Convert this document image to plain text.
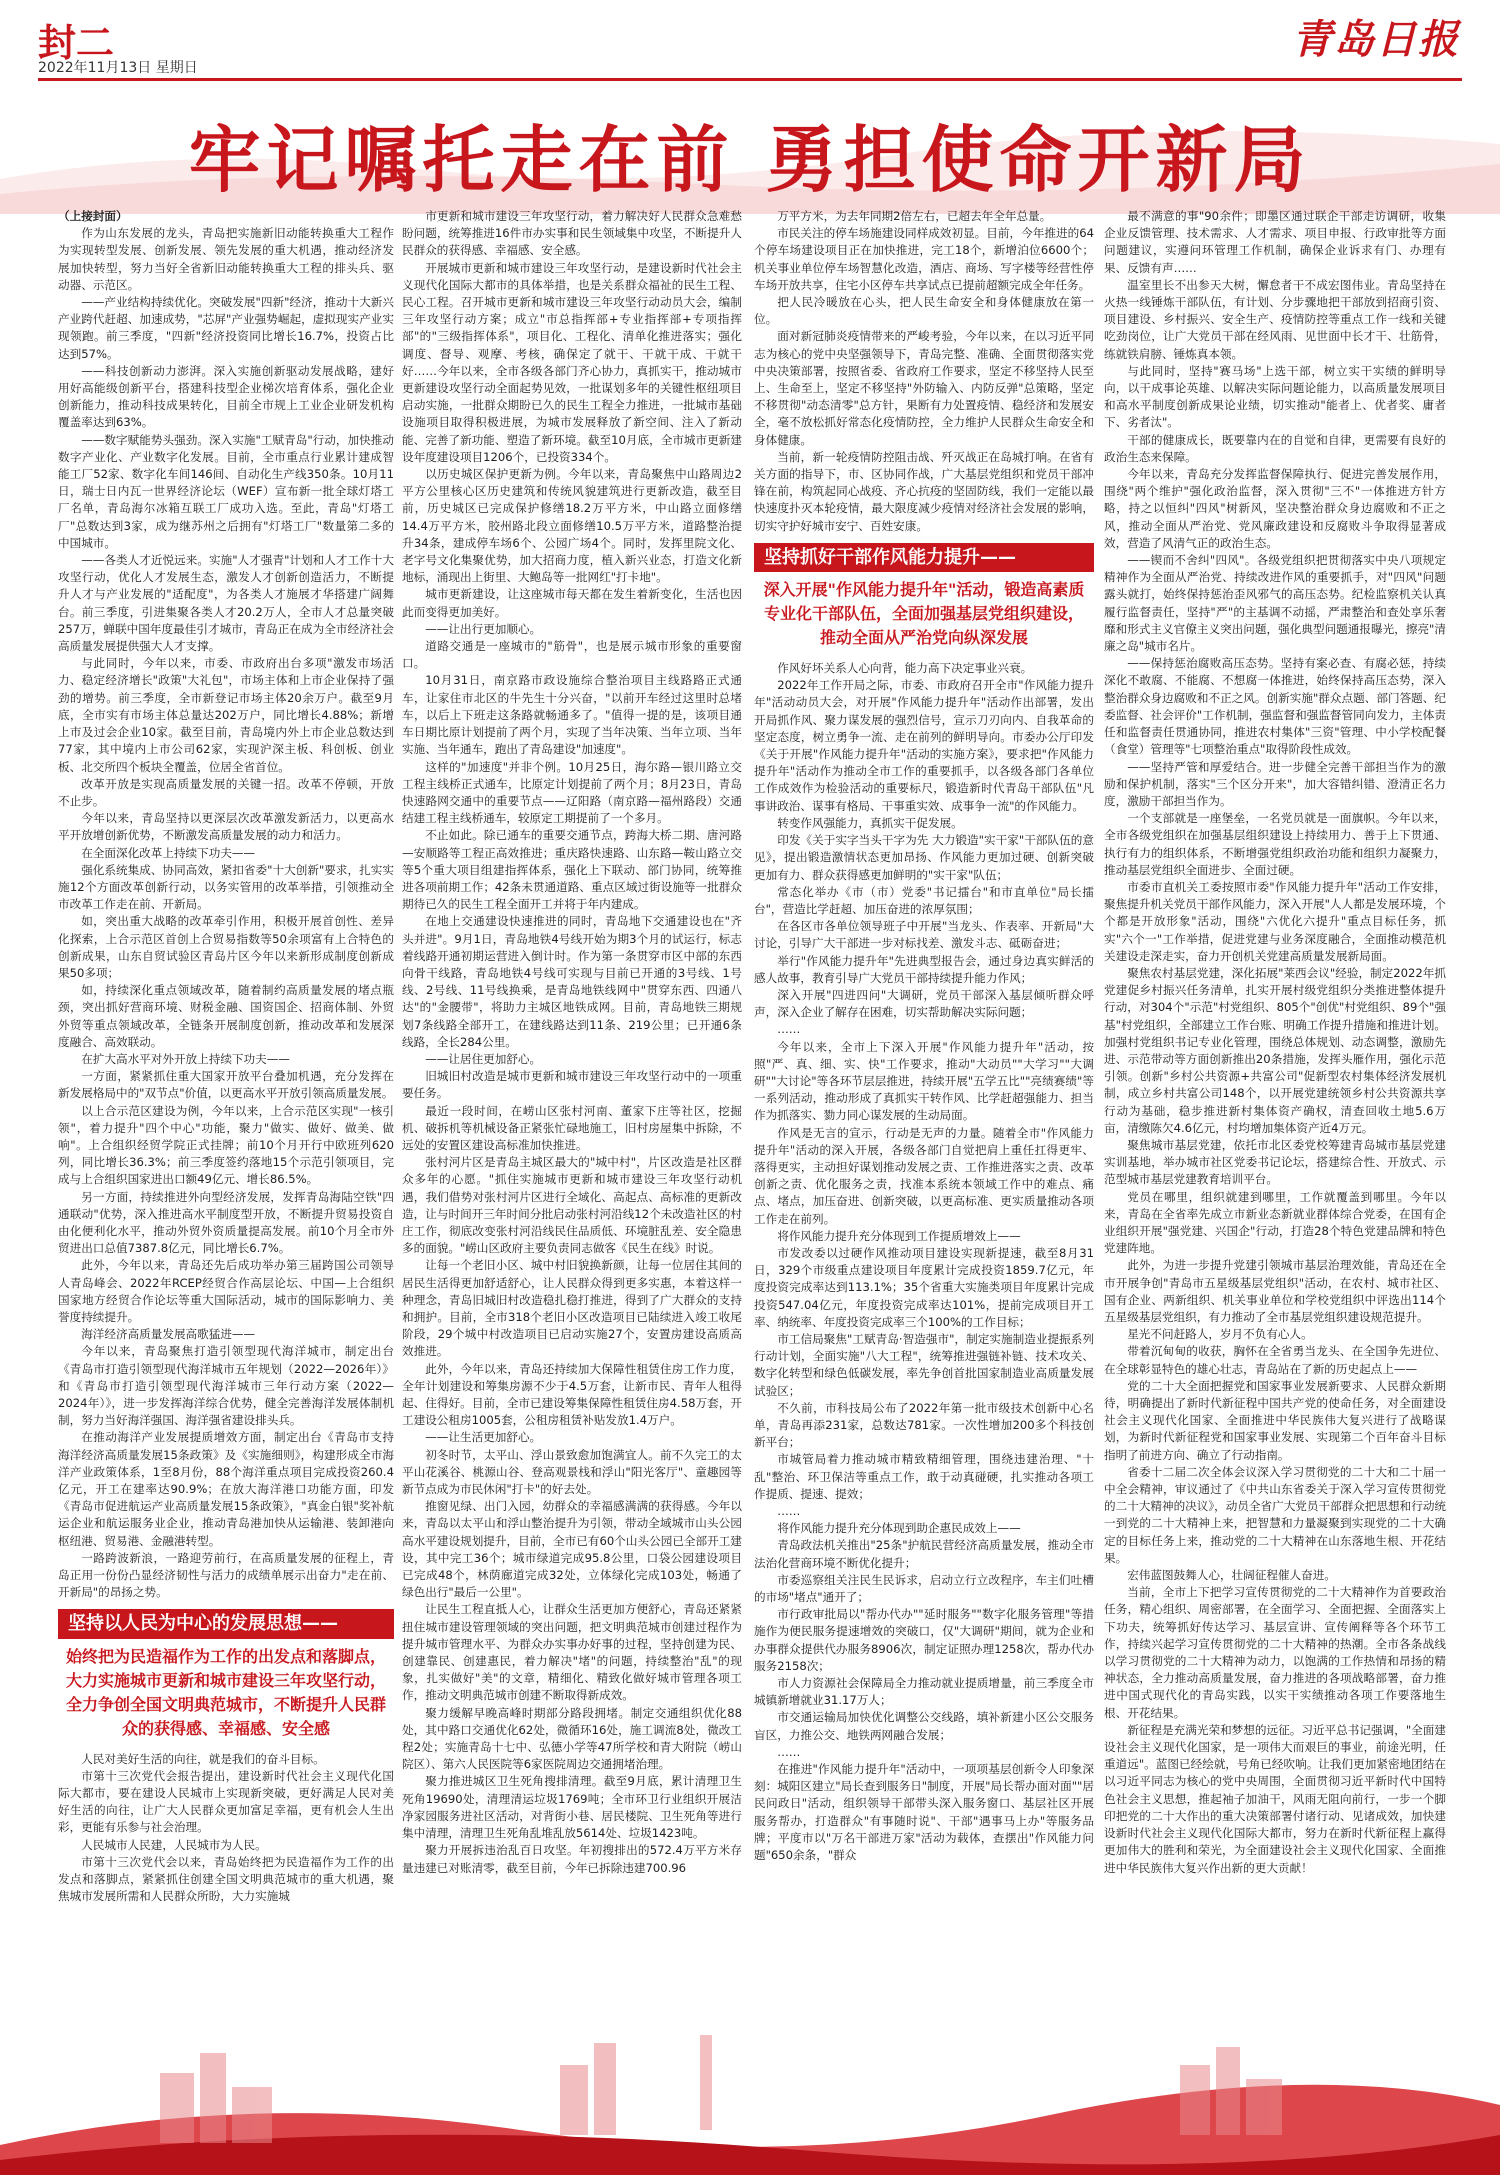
封二
2022年11月13日 星期日
青岛日报
牢记嘱托走在前 勇担使命开新局

（上接封面）

作为山东发展的龙头，青岛把实施新旧动能转换重大工程作为实现转型发展、创新发展、领先发展的重大机遇，推动经济发展加快转型，努力当好全省新旧动能转换重大工程的排头兵、驱动器、示范区。

——产业结构持续优化。突破发展"四新"经济，推动十大新兴产业跨代赶超、加速成势，"芯屏"产业强势崛起，虚拟现实产业实现领跑。前三季度，"四新"经济投资同比增长16.7%，投资占比达到57%。

——科技创新动力澎湃。深入实施创新驱动发展战略，建好用好高能级创新平台，搭建科技型企业梯次培育体系，强化企业创新能力，推动科技成果转化，目前全市规上工业企业研发机构覆盖率达到63%。

——数字赋能势头强劲。深入实施"工赋青岛"行动，加快推动数字产业化、产业数字化发展。目前，全市重点行业累计建成智能工厂52家、数字化车间146间、自动化生产线350条。10月11日，瑞士日内瓦一世界经济论坛（WEF）宣布新一批全球灯塔工厂名单，青岛海尔冰箱互联工厂成功入选。至此，青岛"灯塔工厂"总数达到3家，成为继苏州之后拥有"灯塔工厂"数量第二多的中国城市。

——各类人才近悦远来。实施"人才强青"计划和人才工作十大攻坚行动，优化人才发展生态，激发人才创新创造活力，不断提升人才与产业发展的"适配度"，为各类人才施展才华搭建广阔舞台。前三季度，引进集聚各类人才20.2万人，全市人才总量突破257万，蝉联中国年度最佳引才城市，青岛正在成为全市经济社会高质量发展提供强大人才支撑。

与此同时，今年以来，市委、市政府出台多项"激发市场活力、稳定经济增长"政策"大礼包"，市场主体和上市企业保持了强劲的增势。前三季度，全市新登记市场主体20余万户。截至9月底，全市实有市场主体总量达202万户，同比增长4.88%；新增上市及过会企业10家。截至目前，青岛境内外上市企业总数达到77家，其中境内上市公司62家，实现沪深主板、科创板、创业板、北交所四个板块全覆盖，位居全省首位。

改革开放是实现高质量发展的关键一招。改革不停顿，开放不止步。

今年以来，青岛坚持以更深层次改革激发新活力，以更高水平开放增创新优势，不断激发高质量发展的动力和活力。

在全面深化改革上持续下功夫——

强化系统集成、协同高效，紧扣省委"十大创新"要求，扎实实施12个方面改革创新行动，以务实管用的改革举措，引领推动全市改革工作走在前、开新局。

如，突出重大战略的改革牵引作用，积极开展首创性、差异化探索，上合示范区首创上合贸易指数等50余项富有上合特色的创新成果，山东自贸试验区青岛片区今年以来新形成制度创新成果50多项；

如，持续深化重点领域改革，随着制约高质量发展的堵点瓶颈，突出抓好营商环境、财税金融、国资国企、招商体制、外贸外贸等重点领域改革，全链条开展制度创新，推动改革和发展深度融合、高效联动。

在扩大高水平对外开放上持续下功夫——

一方面，紧紧抓住重大国家开放平台叠加机遇，充分发挥在新发展格局中的"双节点"价值，以更高水平开放引领高质量发展。

以上合示范区建设为例，今年以来，上合示范区实现"一核引领"，着力提升"四个中心"功能，聚力"做实、做好、做美、做响"。上合组织经贸学院正式挂牌；前10个月开行中欧班列620列，同比增长36.3%；前三季度签约落地15个示范引领项目，完成与上合组织国家进出口额49亿元、增长86.5%。

另一方面，持续推进外向型经济发展，发挥青岛海陆空铁"四通联动"优势，深入推进高水平制度型开放，不断提升贸易投资自由化便利化水平，推动外贸外资质量提高发展。前10个月全市外贸进出口总值7387.8亿元，同比增长6.7%。

此外，今年以来，青岛还先后成功举办第三届跨国公司领导人青岛峰会、2022年RCEP经贸合作高层论坛、中国—上合组织国家地方经贸合作论坛等重大国际活动，城市的国际影响力、美誉度持续提升。

海洋经济高质量发展高歌猛进——

今年以来，青岛聚焦打造引领型现代海洋城市，制定出台《青岛市打造引领型现代海洋城市五年规划（2022—2026年）》和《青岛市打造引领型现代海洋城市三年行动方案（2022—2024年）》，进一步发挥海洋综合优势，健全完善海洋发展体制机制，努力当好海洋强国、海洋强省建设排头兵。

在推动海洋产业发展提质增效方面，制定出台《青岛市支持海洋经济高质量发展15条政策》及《实施细则》，构建形成全市海洋产业政策体系，1至8月份，88个海洋重点项目完成投资260.4亿元，开工在建率达90.9%；在放大海洋港口功能方面，印发《青岛市促进航运产业高质量发展15条政策》，"真金白银"奖补航运企业和航运服务业企业，推动青岛港加快从运输港、装卸港向枢纽港、贸易港、金融港转型。

一路跨波新浪，一路迎劳前行，在高质量发展的征程上，青岛正用一份份凸显经济韧性与活力的成绩单展示出奋力"走在前、开新局"的昂扬之势。

坚持以人民为中心的发展思想——
始终把为民造福作为工作的出发点和落脚点，大力实施城市更新和城市建设三年攻坚行动，全力争创全国文明典范城市，不断提升人民群众的获得感、幸福感、安全感

人民对美好生活的向往，就是我们的奋斗目标。

市第十三次党代会报告提出，建设新时代社会主义现代化国际大都市，要在建设人民城市上实现新突破，更好满足人民对美好生活的向往，让广大人民群众更加富足幸福，更有机会人生出彩，更能有乐参与社会治理。

人民城市人民建，人民城市为人民。

市第十三次党代会以来，青岛始终把为民造福作为工作的出发点和落脚点，紧紧抓住创建全国文明典范城市的重大机遇，聚焦城市发展所需和人民群众所盼，大力实施城

市更新和城市建设三年攻坚行动，着力解决好人民群众急难愁盼问题，统筹推进16件市办实事和民生领域集中攻坚，不断提升人民群众的获得感、幸福感、安全感。

开展城市更新和城市建设三年攻坚行动，是建设新时代社会主义现代化国际大都市的具体举措，也是关系群众福祉的民生工程、民心工程。召开城市更新和城市建设三年攻坚行动动员大会，编制三年攻坚行动方案；成立"市总指挥部+专业指挥部+专项指挥部"的"三级指挥体系"，项目化、工程化、清单化推进落实；强化调度、督导、观摩、考核，确保定了就干、干就干成、干就干好……今年以来，全市各级各部门齐心协力，真抓实干，推动城市更新建设攻坚行动全面起势见效，一批谋划多年的关键性枢纽项目启动实施，一批群众期盼已久的民生工程全力推进，一批城市基础设施项目取得积极进展，为城市发展释放了新空间、注入了新动能、完善了新功能、塑造了新环境。截至10月底，全市城市更新建设年度建设项目1206个，已投资334个。

以历史城区保护更新为例。今年以来，青岛聚焦中山路周边2平方公里核心区历史建筑和传统风貌建筑进行更新改造，截至目前，历史城区已完成保护修缮18.2万平方米，中山路立面修缮14.4万平方米，胶州路北段立面修缮10.5万平方米，道路整治提升34条，建成停车场6个、公园广场4个。同时，发挥里院文化、老字号文化集聚优势，加大招商力度，植入新兴业态，打造文化新地标，涌现出上街里、大鲍岛等一批网红"打卡地"。

城市更新建设，让这座城市每天都在发生着新变化，生活也因此而变得更加美好。

——让出行更加顺心。

道路交通是一座城市的"筋骨"，也是展示城市形象的重要窗口。

10月31日，南京路市政设施综合整治项目主线路路正式通车，让家住市北区的牛先生十分兴奋，"以前开车经过这里时总堵车，以后上下班走这条路就畅通多了。"值得一提的是，该项目通车日期比原计划提前了两个月，实现了当年决策、当年立项、当年实施、当年通车，跑出了青岛建设"加速度"。

这样的"加速度"并非个例。10月25日，海尔路—银川路立交工程主线桥正式通车，比原定计划提前了两个月；8月23日，青岛快速路网交通中的重要节点——辽阳路（南京路—福州路段）交通结建工程主线桥通车，较原定工期提前了一个多月。

不止如此。除已通车的重要交通节点，跨海大桥二期、唐河路—安顺路等工程正高效推进；重庆路快速路、山东路—鞍山路立交等5个重大项目组建指挥体系，强化上下联动、部门协同，统筹推进各项前期工作；42条未贯通道路、重点区域过街设施等一批群众期待已久的民生工程全面开工并将于年内建成。

在地上交通建设快速推进的同时，青岛地下交通建设也在"齐头并进"。9月1日，青岛地铁4号线开始为期3个月的试运行，标志着线路开通初期运营进入倒计时。作为第一条贯穿市区中部的东西向骨干线路，青岛地铁4号线可实现与目前已开通的3号线、1号线、2号线、11号线换乘，是青岛地铁线网中"贯穿东西、四通八达"的"金腰带"，将助力主城区地铁成网。目前，青岛地铁三期规划7条线路全部开工，在建线路达到11条、219公里；已开通6条线路，全长284公里。

——让居住更加舒心。

旧城旧村改造是城市更新和城市建设三年攻坚行动中的一项重要任务。

最近一段时间，在崂山区张村河南、董家下庄等社区，挖掘机、破拆机等机械设备正紧张忙碌地施工，旧村房屋集中拆除，不远处的安置区建设高标准加快推进。

张村河片区是青岛主城区最大的"城中村"，片区改造是社区群众多年的心愿。"抓住实施城市更新和城市建设三年攻坚行动机遇，我们借势对张村河片区进行全域化、高起点、高标准的更新改造，让与时间开三年时间分批启动张村河沿线12个未改造社区的村庄工作，彻底改变张村河沿线民住品质低、环境脏乱差、安全隐患多的面貌。"崂山区政府主要负责同志做客《民生在线》时说。

让每一个老旧小区、城中村旧貌换新颜，让每一位居住其间的居民生活得更加舒适舒心，让人民群众得到更多实惠，本着这样一种理念，青岛旧城旧村改造稳扎稳打推进，得到了广大群众的支持和拥护。目前，全市318个老旧小区改造项目已陆续进入竣工收尾阶段，29个城中村改造项目已启动实施27个，安置房建设高质高效推进。

此外，今年以来，青岛还持续加大保障性租赁住房工作力度，全年计划建设和筹集房源不少于4.5万套，让新市民、青年人租得起、住得好。目前，全市已建设筹集保障性租赁住房4.58万套，开工建设公租房1005套，公租房租赁补贴发放1.4万户。

——让生活更加舒心。

初冬时节，太平山、浮山景致愈加饱满宜人。前不久完工的太平山花溪谷、桃源山谷、登高观景栈和浮山"阳光客厅"、童趣园等新节点成为市民休闲"打卡"的好去处。

推窗见绿、出门入园，幼群众的幸福感满满的获得感。今年以来，青岛以太平山和浮山整治提升为引领，带动全域城市山头公园高水平建设规划提升，目前，全市已有60个山头公园已全部开工建设，其中完工36个；城市绿道完成95.8公里，口袋公园建设项目已完成48个，林荫廊道完成32处，立体绿化完成103处，畅通了绿色出行"最后一公里"。

让民生工程直抵人心，让群众生活更加方便舒心，青岛还紧紧扭住城市建设管理领域的突出问题，把文明典范城市创建过程作为提升城市管理水平、为群众办实事办好事的过程，坚持创建为民、创建靠民、创建惠民，着力解决"堵"的问题，持续整治"乱"的现象，扎实做好"美"的文章，精细化、精致化做好城市管理各项工作，推动文明典范城市创建不断取得新成效。

聚力缓解早晚高峰时期部分路段拥堵。制定交通组织优化88处，其中路口交通优化62处，微循环16处，施工调流8处，微改工程2处；实施青岛十七中、弘德小学等47所学校和青大附院（崂山院区）、第六人民医院等6家医院周边交通拥堵治理。

聚力推进城区卫生死角搜排清理。截至9月底，累计清理卫生死角19690处，清理清运垃圾1769吨；全市环卫行业组织开展洁净家园服务进社区活动，对背街小巷、居民楼院、卫生死角等进行集中清理，清理卫生死角乱堆乱放5614处、垃圾1423吨。

聚力开展拆违治乱百日攻坚。年初搜排出的572.4万平方米存量违建已对账清零，截至目前，今年已拆除违建700.96

万平方米，为去年同期2倍左右，已超去年全年总量。

市民关注的停车场施建设同样成效初显。目前，今年推进的64个停车场建设项目正在加快推进，完工18个，新增泊位6600个；机关事业单位停车场智慧化改造，酒店、商场、写字楼等经营性停车场开放共享，住宅小区停车共享试点已提前超额完成全年任务。

把人民冷暖放在心头，把人民生命安全和身体健康放在第一位。

面对新冠肺炎疫情带来的严峻考验，今年以来，在以习近平同志为核心的党中央坚强领导下，青岛完整、准确、全面贯彻落实党中央决策部署，按照省委、省政府工作要求，坚定不移坚持人民至上、生命至上，坚定不移坚持"外防输入、内防反弹"总策略，坚定不移贯彻"动态清零"总方针，果断有力处置疫情、稳经济和发展安全，毫不放松抓好常态化疫情防控，全力维护人民群众生命安全和身体健康。

当前，新一轮疫情防控阻击战、歼灭战正在岛城打响。在省有关方面的指导下，市、区协同作战，广大基层党组织和党员干部冲锋在前，构筑起同心战疫、齐心抗疫的坚固防线，我们一定能以最快速度扑灭本轮疫情，最大限度减少疫情对经济社会发展的影响，切实守护好城市安宁、百姓安康。

坚持抓好干部作风能力提升——
深入开展"作风能力提升年"活动，锻造高素质专业化干部队伍，全面加强基层党组织建设，推动全面从严治党向纵深发展

作风好坏关系人心向背，能力高下决定事业兴衰。

2022年工作开局之际，市委、市政府召开全市"作风能力提升年"活动动员大会，对开展"作风能力提升年"活动作出部署，发出开局抓作风、聚力谋发展的强烈信号，宣示刀刃向内、自我革命的坚定态度，树立勇争一流、走在前列的鲜明导向。市委办公厅印发《关于开展"作风能力提升年"活动的实施方案》，要求把"作风能力提升年"活动作为推动全市工作的重要抓手，以各级各部门各单位工作成效作为检验活动的重要标尺，锻造新时代青岛干部队伍"凡事讲政治、谋事有格局、干事重实效、成事争一流"的作风能力。

转变作风强能力，真抓实干促发展。

印发《关于实字当头干字为先 大力锻造"实干家"干部队伍的意见》，提出锻造激情状态更加昂扬、作风能力更加过硬、创新突破更加有力、群众获得感更加鲜明的"实干家"队伍；

常态化举办《市（市）党委"书记擂台"和市直单位"局长擂台"，营造比学赶超、加压奋进的浓厚氛围；

在各区市各单位领导班子中开展"当龙头、作表率、开新局"大讨论，引导广大干部进一步对标找差、激发斗志、砥砺奋进；

举行"作风能力提升年"先进典型报告会，通过身边真实鲜活的感人故事，教育引导广大党员干部持续提升能力作风；

深入开展"四进四问"大调研，党员干部深入基层倾听群众呼声，深入企业了解存在困难，切实帮助解决实际问题；

……

今年以来，全市上下深入开展"作风能力提升年"活动，按照"严、真、细、实、快"工作要求，推动"大动员""大学习""大调研""大讨论"等各环节层层推进，持续开展"五学五比""亮绩赛绩"等一系列活动，推动形成了真抓实干转作风、比学赶超强能力、担当作为抓落实、勠力同心谋发展的生动局面。

作风是无言的宣示，行动是无声的力量。随着全市"作风能力提升年"活动的深入开展，各级各部门自觉把肩上重任扛得更牢、落得更实，主动担好谋划推动发展之责、工作推进落实之责、改革创新之责、优化服务之责，找准本系统本领域工作中的难点、痛点、堵点，加压奋进、创新突破，以更高标准、更实质量推动各项工作走在前列。

将作风能力提升充分体现到工作提质增效上——

市发改委以过硬作风推动项目建设实现新提速，截至8月31日，329个市级重点建设项目年度累计完成投资1859.7亿元，年度投资完成率达到113.1%；35个省重大实施类项目年度累计完成投资547.04亿元，年度投资完成率达101%，提前完成项目开工率、纳统率、年度投资完成率三个100%的工作目标；

市工信局聚焦"工赋青岛·智造强市"，制定实施制造业提振系列行动计划，全面实施"八大工程"，统筹推进强链补链、技术攻关、数字化转型和绿色低碳发展，率先争创首批国家制造业高质量发展试验区；

不久前，市科技局公布了2022年第一批市级技术创新中心名单，青岛再添231家，总数达781家。一次性增加200多个科技创新平台；

市城管局着力推动城市精致精细管理，围绕违建治理、"十乱"整治、环卫保洁等重点工作，敢于动真碰硬，扎实推动各项工作提质、提速、提效；

……

将作风能力提升充分体现到助企惠民成效上——

青岛政法机关推出"25条"护航民营经济高质量发展，推动全市法治化营商环境不断优化提升；

市委巡察组关注民生民诉求，启动立行立改程序，车主们吐槽的市场"堵点"通开了；

市行政审批局以"帮办代办""延时服务""数字化服务管理"等措施作为便民服务提速增效的突破口，仅"大调研"期间，就为企业和办事群众提供代办服务8906次，制定证照办理1258次，帮办代办服务2158次；

市人力资源社会保障局全力推动就业提质增量，前三季度全市城镇新增就业31.17万人；

市交通运输局加快优化调整公交线路，填补新建小区公交服务盲区，力推公交、地铁两网融合发展；

……

在推进"作风能力提升年"活动中，一项项基层创新令人印象深刻：城阳区建立"局长查到服务日"制度，开展"局长帮办面对面""居民问政日"活动，组织领导干部带头深入服务窗口、基层社区开展服务帮办，打造群众"有事随时说"、干部"遇事马上办"等服务品牌；平度市以"万名干部进万家"活动为载体，查摆出"作风能力问题"650余条，"群众

最不满意的事"90余件；即墨区通过联企干部走访调研，收集企业反馈管理、技术需求、人才需求、项目申报、行政审批等方面问题建议，实遵问环管理工作机制，确保企业诉求有门、办理有果、反馈有声……

温室里长不出参天大树，懈怠者干不成宏图伟业。青岛坚持在火热一线锤炼干部队伍，有计划、分步骤地把干部放到招商引资、项目建设、乡村振兴、安全生产、疫情防控等重点工作一线和关键吃劲岗位，让广大党员干部在经风雨、见世面中长才干、壮筋骨，练就铁肩膀、锤炼真本领。

与此同时，坚持"赛马场"上选干部，树立实干实绩的鲜明导向，以干成事论英雄、以解决实际问题论能力，以高质量发展项目和高水平制度创新成果论业绩，切实推动"能者上、优者奖、庸者下、劣者汰"。

干部的健康成长，既要靠内在的自觉和自律，更需要有良好的政治生态来保障。

今年以来，青岛充分发挥监督保障执行、促进完善发展作用，围绕"两个维护"强化政治监督，深入贯彻"三不"一体推进方针方略，持之以恒纠"四风"树新风，坚决整治群众身边腐败和不正之风，推动全面从严治党、党风廉政建设和反腐败斗争取得显著成效，营造了风清气正的政治生态。

——锲而不舍纠"四风"。各级党组织把贯彻落实中央八项规定精神作为全面从严治党、持续改进作风的重要抓手，对"四风"问题露头就打，始终保持惩治歪风邪气的高压态势。纪检监察机关认真履行监督责任，坚持"严"的主基调不动摇，严肃整治和查处享乐奢靡和形式主义官僚主义突出问题，强化典型问题通报曝光，擦亮"清廉之岛"城市名片。

——保持惩治腐败高压态势。坚持有案必查、有腐必惩，持续深化不敢腐、不能腐、不想腐一体推进，始终保持高压态势，深入整治群众身边腐败和不正之风。创新实施"群众点题、部门答题、纪委监督、社会评价"工作机制，强监督和强监督管同向发力，主体责任和监督责任贯通协同，推进农村集体"三资"管理、中小学校配餐（食堂）管理等"七项整治重点"取得阶段性成效。

——坚持严管和厚爱结合。进一步健全完善干部担当作为的激励和保护机制，落实"三个区分开来"，加大容错纠错、澄清正名力度，激励干部担当作为。

一个支部就是一座堡垒，一名党员就是一面旗帜。今年以来，全市各级党组织在加强基层组织建设上持续用力、善于上下贯通、执行有力的组织体系，不断增强党组织政治功能和组织力凝聚力，推动基层党组织全面进步、全面过硬。

市委市直机关工委按照市委"作风能力提升年"活动工作安排，聚焦提升机关党员干部作风能力，深入开展"人人都是发展环境，个个都是开放形象"活动，围绕"六优化六提升"重点目标任务，抓实"六个一"工作举措，促进党建与业务深度融合，全面推动模范机关建设走深走实，奋力开创机关党建高质量发展新局面。

聚焦农村基层党建，深化拓展"莱西会议"经验，制定2022年抓党建促乡村振兴任务清单，扎实开展村级党组织分类推进整体提升行动，对304个"示范"村党组织、805个"创优"村党组织、89个"强基"村党组织，全部建立工作台账、明确工作提升措施和推进计划。加强村党组织书记专业化管理，围绕总体规划、动态调整，激励先进、示范带动等方面创新推出20条措施，发挥头雁作用，强化示范引领。创新"乡村公共资源+共富公司"促新型农村集体经济发展机制，成立乡村共富公司148个，以开展党建统领乡村公共资源共享行动为基础，稳步推进新村集体资产确权，清查回收土地5.6万亩，清缴陈欠4.6亿元，村均增加集体资产近4万元。

聚焦城市基层党建，依托市北区委党校筹建青岛城市基层党建实训基地，举办城市社区党委书记论坛，搭建综合性、开放式、示范型城市基层党建教育培训平台。

党员在哪里，组织就建到哪里，工作就覆盖到哪里。今年以来，青岛在全省率先成立市新业态新就业群体综合党委，在国有企业组织开展"强党建、兴国企"行动，打造28个特色党建品牌和特色党建阵地。

此外，为进一步提升党建引领城市基层治理效能，青岛还在全市开展争创"青岛市五星级基层党组织"活动，在农村、城市社区、国有企业、两新组织、机关事业单位和学校党组织中评选出114个五星级基层党组织，有力推动了全市基层党组织建设规范提升。

星光不问赶路人，岁月不负有心人。

带着沉甸甸的收获，胸怀在全省勇当龙头、在全国争先进位、在全球彰显特色的雄心壮志，青岛站在了新的历史起点上——

党的二十大全面把握党和国家事业发展新要求、人民群众新期待，明确提出了新时代新征程中国共产党的使命任务，对全面建设社会主义现代化国家、全面推进中华民族伟大复兴进行了战略谋划，为新时代新征程党和国家事业发展、实现第二个百年奋斗目标指明了前进方向、确立了行动指南。

省委十二届二次全体会议深入学习贯彻党的二十大和二十届一中全会精神，审议通过了《中共山东省委关于深入学习宣传贯彻党的二十大精神的决议》，动员全省广大党员干部群众把思想和行动统一到党的二十大精神上来，把智慧和力量凝聚到实现党的二十大确定的目标任务上来，推动党的二十大精神在山东落地生根、开花结果。

宏伟蓝图鼓舞人心，壮阔征程催人奋进。

当前，全市上下把学习宣传贯彻党的二十大精神作为首要政治任务，精心组织、周密部署，在全面学习、全面把握、全面落实上下功夫，统筹抓好传达学习、基层宣讲、宣传阐释等各个环节工作，持续兴起学习宣传贯彻党的二十大精神的热潮。全市各条战线以学习贯彻党的二十大精神为动力，以饱满的工作热情和昂扬的精神状态，全力推动高质量发展，奋力推进的各项战略部署，奋力推进中国式现代化的青岛实践，以实干实绩推动各项工作要落地生根、开花结果。

新征程是充满光荣和梦想的远征。习近平总书记强调，"全面建设社会主义现代化国家，是一项伟大而艰巨的事业，前途光明，任重道远"。蓝图已经绘就，号角已经吹响。让我们更加紧密地团结在以习近平同志为核心的党中央周围，全面贯彻习近平新时代中国特色社会主义思想，推起袖子加油干，风雨无阻向前行，一步一个脚印把党的二十大作出的重大决策部署付诸行动、见诸成效，加快建设新时代社会主义现代化国际大都市，努力在新时代新征程上赢得更加伟大的胜利和荣光，为全面建设社会主义现代化国家、全面推进中华民族伟大复兴作出新的更大贡献！
